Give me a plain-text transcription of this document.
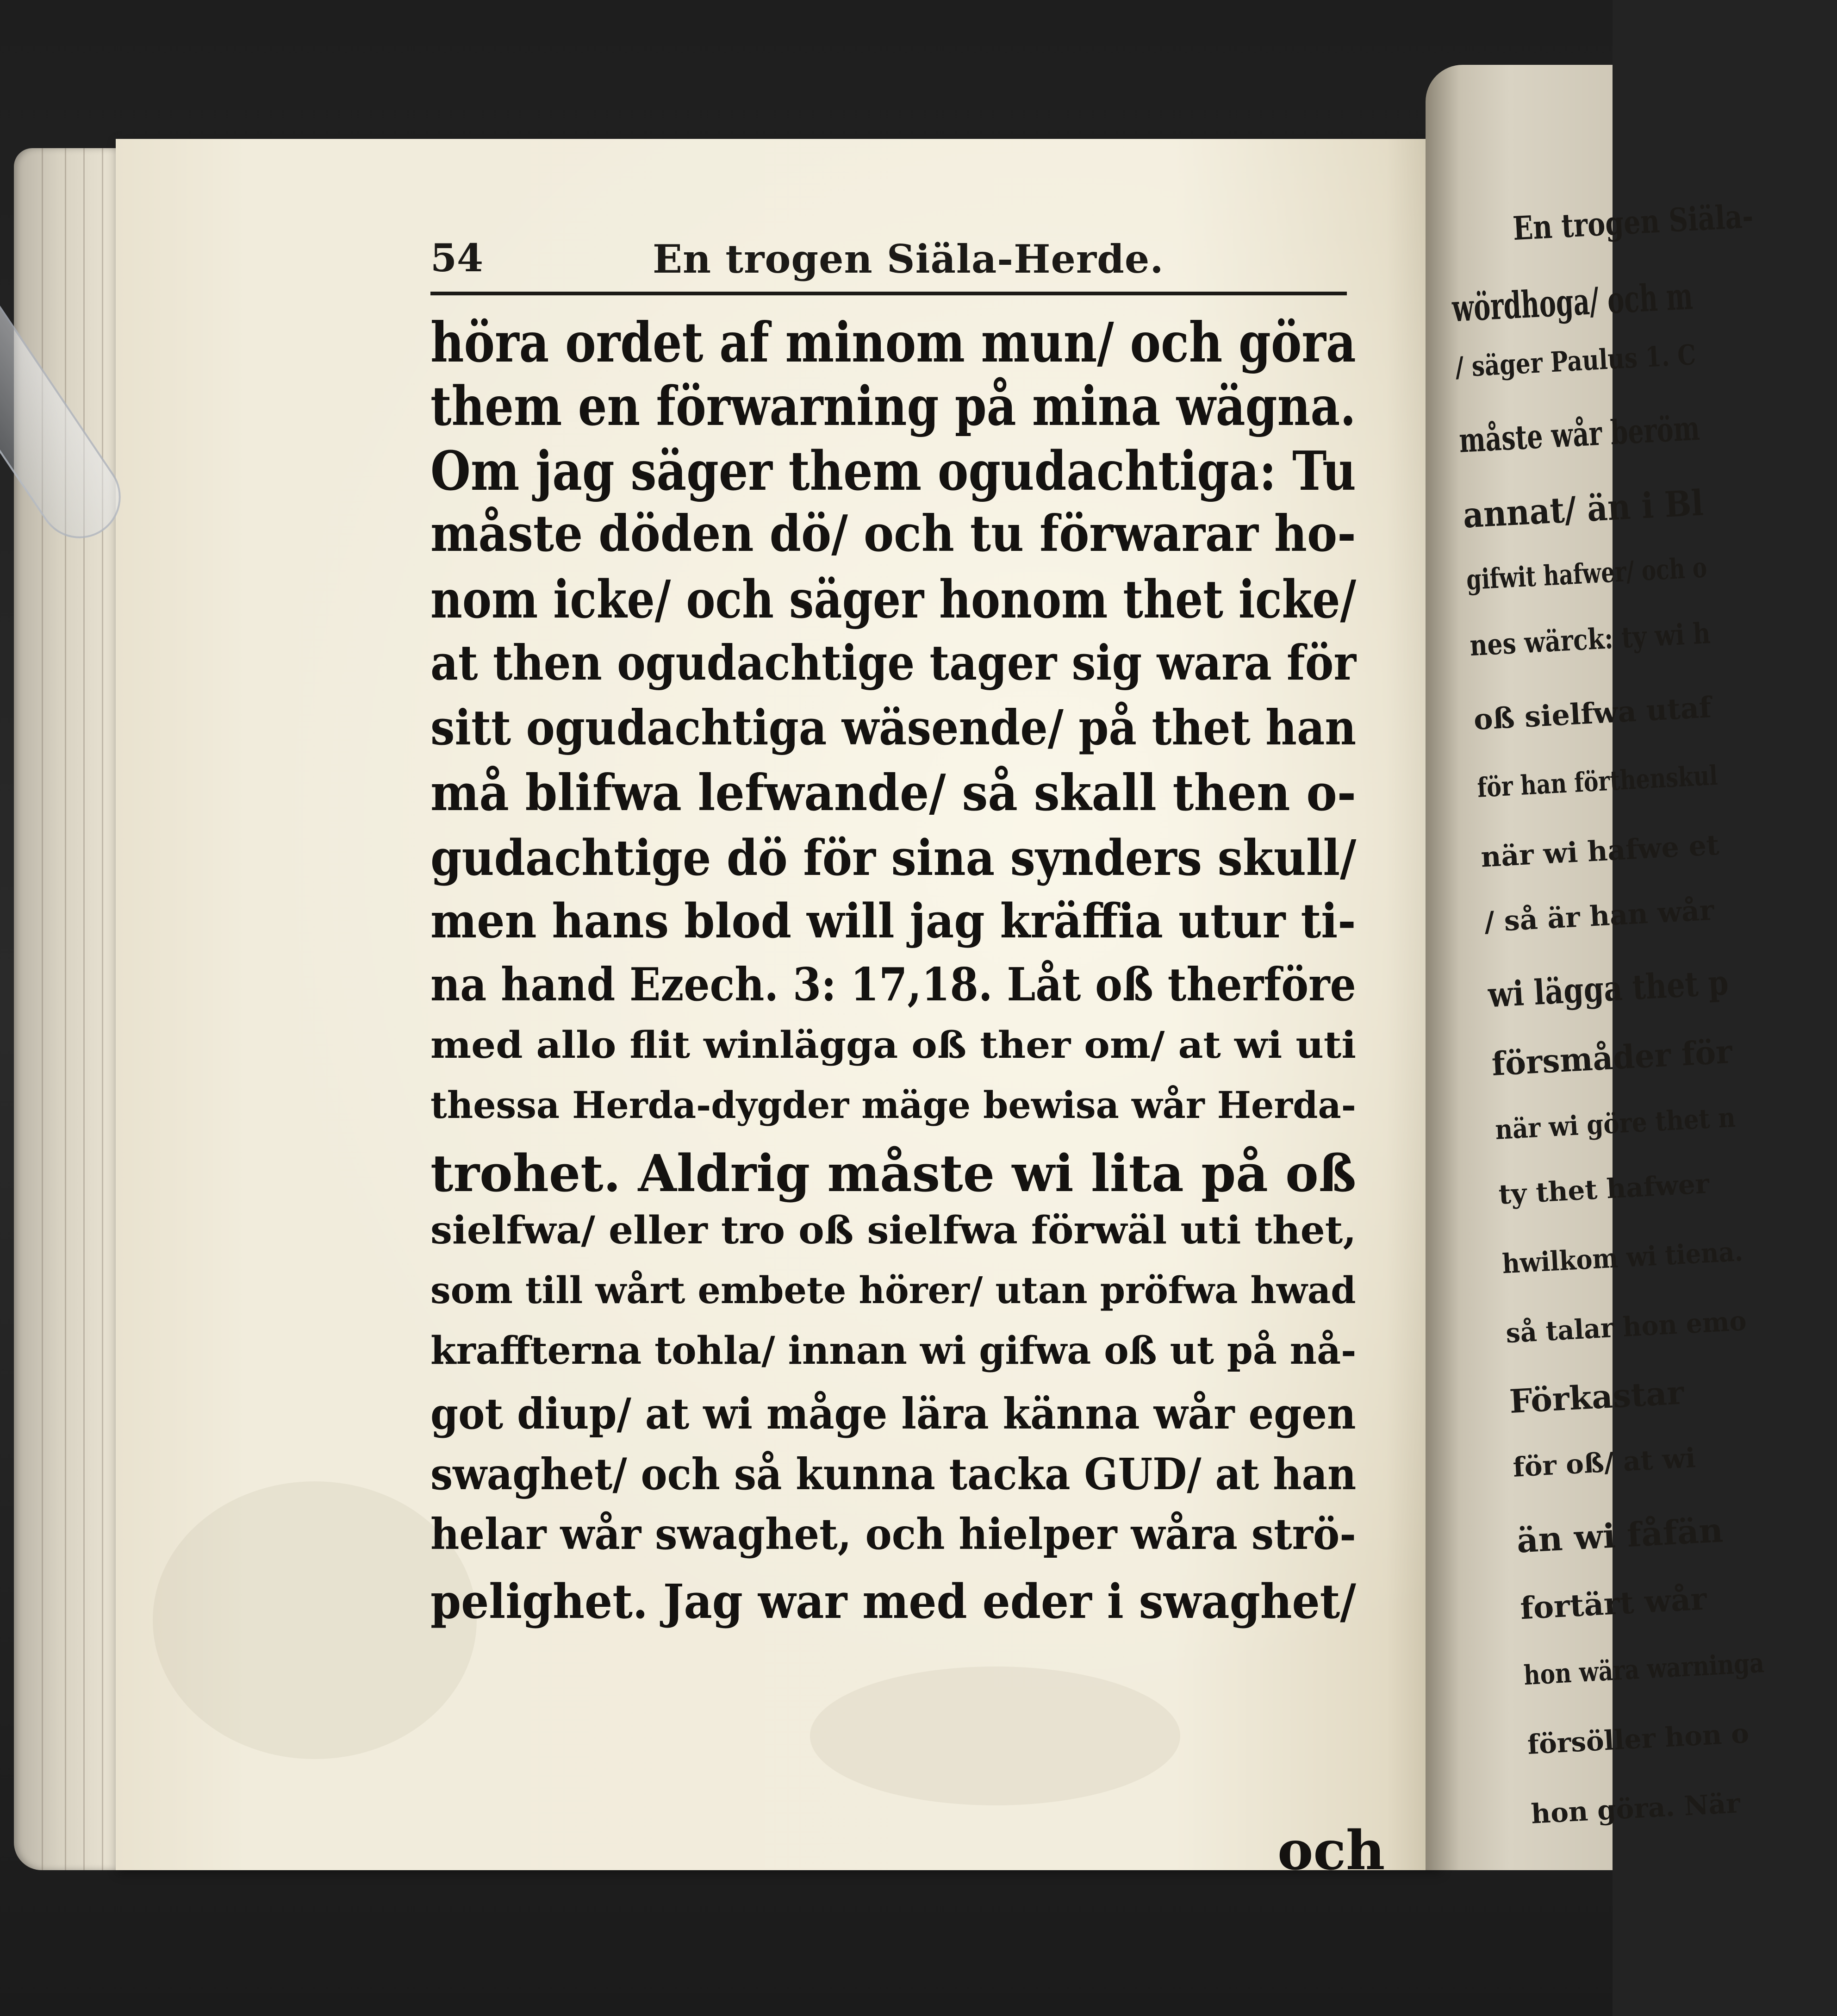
En trogen Siäla-
wördhoga/ och m
/ säger Paulus 1. C
måste wår beröm
annat/ än i Bl
gifwit hafwer/ och o
nes wärck: ty wi h
oß sielfwa utaf
för han förthenskul
när wi hafwe et
/ så är han wår
wi lägga thet p
försmåder för
när wi göre thet n
ty thet hafwer
hwilkom wi tiena.
så talar hon emo
Förkastar
för oß/ at wi
än wi fåfän
fortärt wår
hon wära warninga
försöller hon o
hon göra. När
54	En trogen Siäla-Herde.
höra ordet af minom mun/ och göra
them en förwarning på mina wägna.
Om jag säger them ogudachtiga: Tu
måste döden dö/ och tu förwarar ho-
nom icke/ och säger honom thet icke/
at then ogudachtige tager sig wara för
sitt ogudachtiga wäsende/ på thet han
må blifwa lefwande/ så skall then o-
gudachtige dö för sina synders skull/
men hans blod will jag kräffia utur ti-
na hand Ezech. 3: 17,18. Låt oß therföre
med allo flit winlägga oß ther om/ at wi uti
thessa Herda-dygder mäge bewisa wår Herda-
trohet. Aldrig måste wi lita på oß
sielfwa/ eller tro oß sielfwa förwäl uti thet,
som till wårt embete hörer/ utan pröfwa hwad
kraffterna tohla/ innan wi gifwa oß ut på nå-
got diup/ at wi måge lära känna wår egen
swaghet/ och så kunna tacka GUD/ at han
helar wår swaghet, och hielper wåra strö-
pelighet. Jag war med eder i swaghet/
och
